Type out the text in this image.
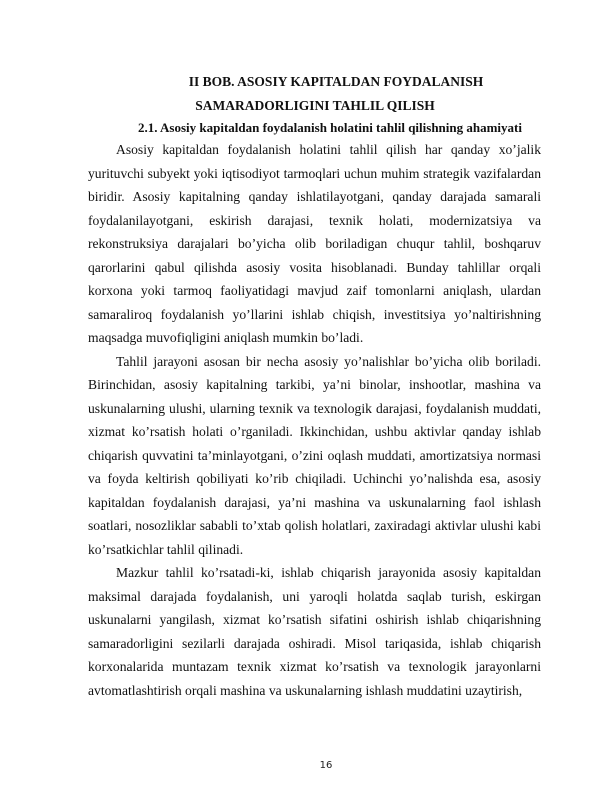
II BOB. ASOSIY KAPITALDAN FOYDALANISH
SAMARADORLIGINI TAHLIL QILISH
2.1. Asosiy kapitaldan foydalanish holatini tahlil qilishning ahamiyati

Asosiy kapitaldan foydalanish holatini tahlil qilish har qanday xo’jalik yurituvchi subyekt yoki iqtisodiyot tarmoqlari uchun muhim strategik vazifalardan biridir. Asosiy kapitalning qanday ishlatilayotgani, qanday darajada samarali foydalanilayotgani, eskirish darajasi, texnik holati, modernizatsiya va rekonstruksiya darajalari bo’yicha olib boriladigan chuqur tahlil, boshqaruv qarorlarini qabul qilishda asosiy vosita hisoblanadi. Bunday tahlillar orqali korxona yoki tarmoq faoliyatidagi mavjud zaif tomonlarni aniqlash, ulardan samaraliroq foydalanish yo’llarini ishlab chiqish, investitsiya yo’naltirishning maqsadga muvofiqligini aniqlash mumkin bo’ladi.

Tahlil jarayoni asosan bir necha asosiy yo’nalishlar bo’yicha olib boriladi. Birinchidan, asosiy kapitalning tarkibi, ya’ni binolar, inshootlar, mashina va uskunalarning ulushi, ularning texnik va texnologik darajasi, foydalanish muddati, xizmat ko’rsatish holati o’rganiladi. Ikkinchidan, ushbu aktivlar qanday ishlab chiqarish quvvatini ta’minlayotgani, o’zini oqlash muddati, amortizatsiya normasi va foyda keltirish qobiliyati ko’rib chiqiladi. Uchinchi yo’nalishda esa, asosiy kapitaldan foydalanish darajasi, ya’ni mashina va uskunalarning faol ishlash soatlari, nosozliklar sababli to’xtab qolish holatlari, zaxiradagi aktivlar ulushi kabi ko’rsatkichlar tahlil qilinadi.

Mazkur tahlil ko’rsatadi-ki, ishlab chiqarish jarayonida asosiy kapitaldan maksimal darajada foydalanish, uni yaroqli holatda saqlab turish, eskirgan uskunalarni yangilash, xizmat ko’rsatish sifatini oshirish ishlab chiqarishning samaradorligini sezilarli darajada oshiradi. Misol tariqasida, ishlab chiqarish korxonalarida muntazam texnik xizmat ko’rsatish va texnologik jarayonlarni avtomatlashtirish orqali mashina va uskunalarning ishlash muddatini uzaytirish,

16
